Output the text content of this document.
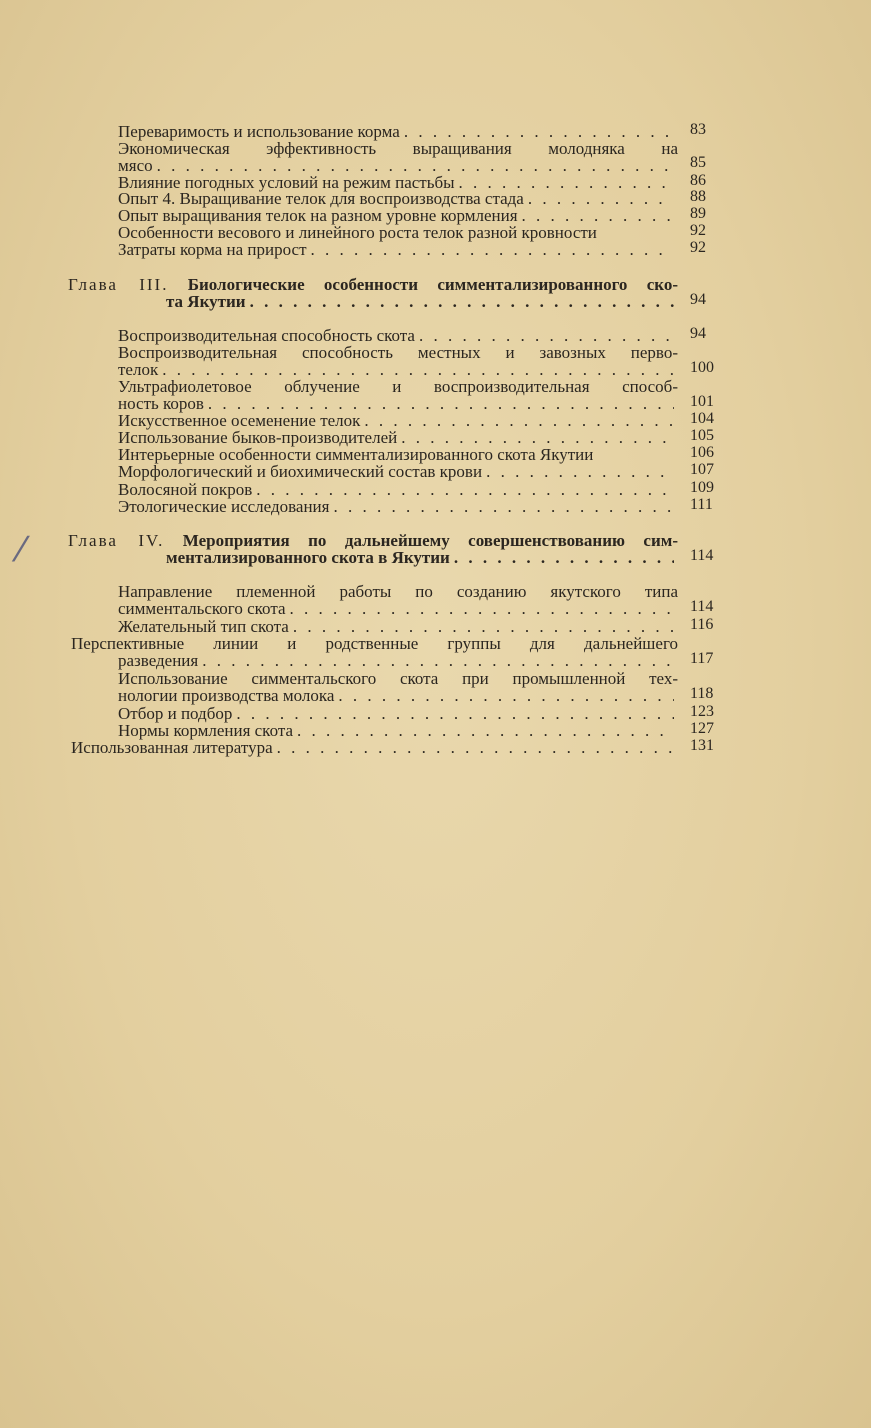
⁄
Переваримость и использование корма . . .	83
Экономическая эффективность выращивания молодняка на
мясо . . .	85
Влияние погодных условий на режим пастьбы . . .	86
Опыт 4. Выращивание телок для воспроизводства стада . . .	88
Опыт выращивания телок на разном уровне кормления . . .	89
Особенности весового и линейного роста телок разной кровности	92
Затраты корма на прирост . . .	92
Глава III. Биологические особенности симментализированного ско-
та Якутии . . .	94
Воспроизводительная способность скота . . .	94
Воспроизводительная способность местных и завозных перво-
телок . . .	100
Ультрафиолетовое облучение и воспроизводительная способ-
ность коров . . .	101
Искусственное осеменение телок . . .	104
Использование быков-производителей . . .	105
Интерьерные особенности симментализированного скота Якутии	106
Морфологический и биохимический состав крови . . .	107
Волосяной покров . . .	109
Этологические исследования . . .	111
Глава IV. Мероприятия по дальнейшему совершенствованию сим-
ментализированного скота в Якутии . . .	114
Направление племенной работы по созданию якутского типа
симментальского скота . . .	114
Желательный тип скота . . .	116
Перспективные линии и родственные группы для дальнейшего
разведения . . .	117
Использование симментальского скота при промышленной тех-
нологии производства молока . . .	118
Отбор и подбор . . .	123
Нормы кормления скота . . .	127
Использованная литература . . .	131
